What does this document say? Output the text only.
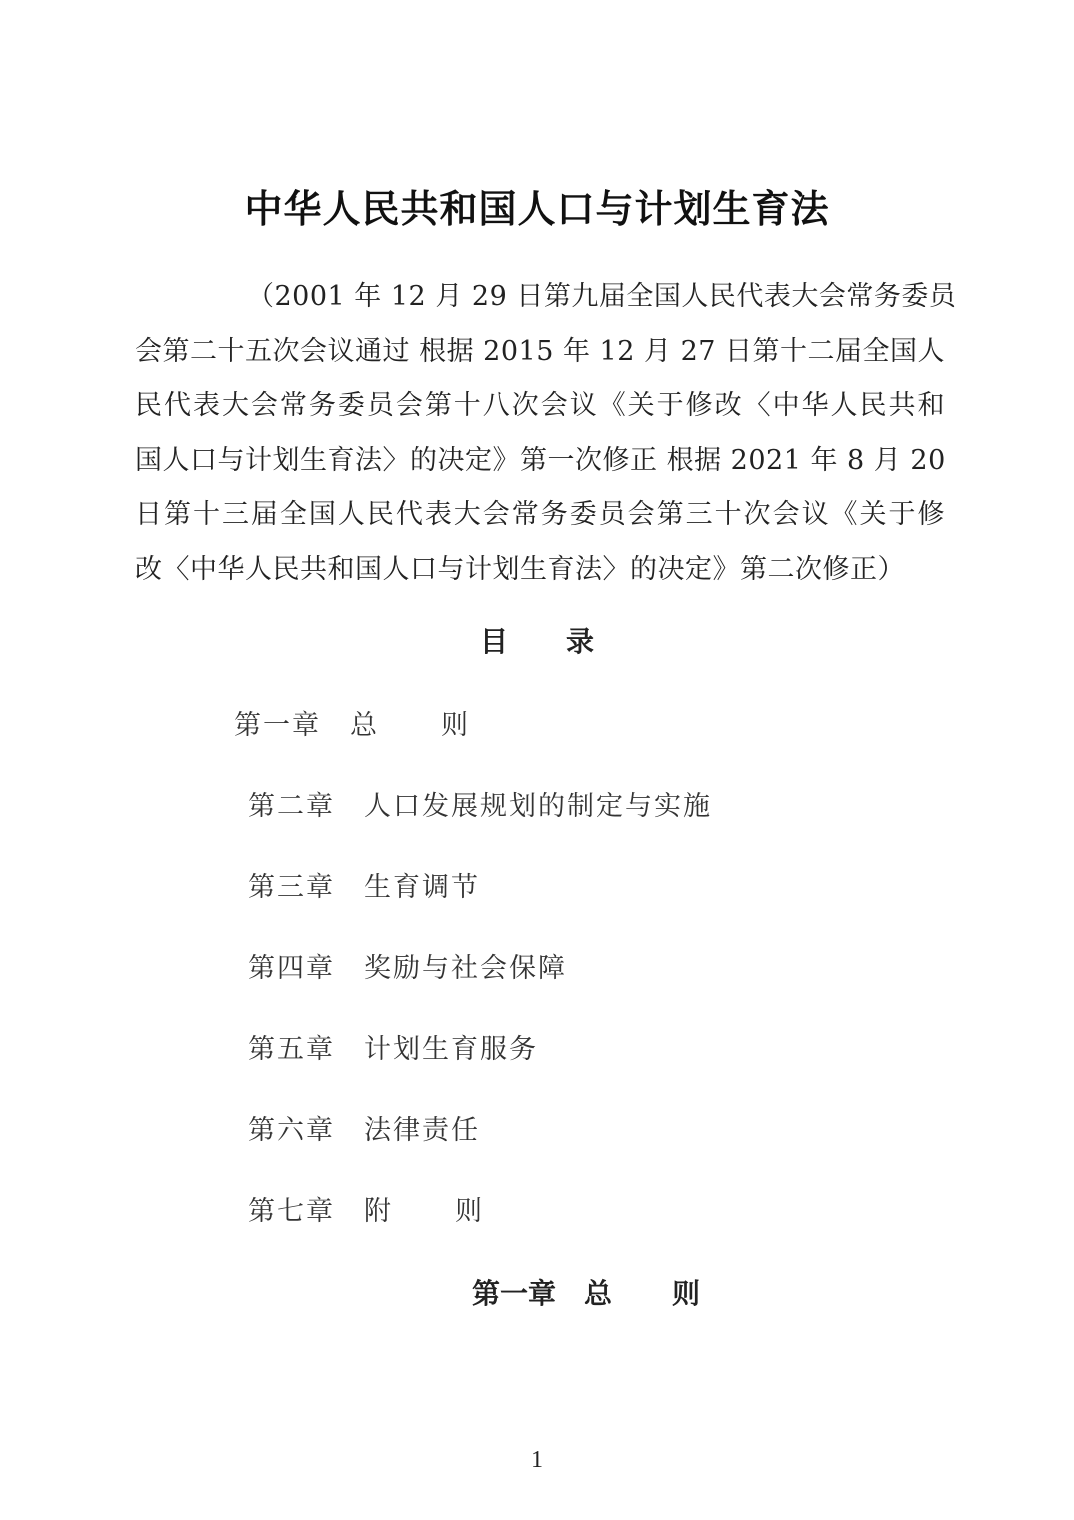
中华人民共和国人口与计划生育法
（2001 年 12 月 29 日第九届全国人民代表大会常务委员
会第二十五次会议通过 根据 2015 年 12 月 27 日第十二届全国人
民代表大会常务委员会第十八次会议《关于修改〈中华人民共和
国人口与计划生育法〉的决定》第一次修正 根据 2021 年 8 月 20
日第十三届全国人民代表大会常务委员会第三十次会议《关于修
改〈中华人民共和国人口与计划生育法〉的决定》第二次修正）
目 录
第一章 总 则
第二章 人口发展规划的制定与实施
第三章 生育调节
第四章 奖励与社会保障
第五章 计划生育服务
第六章 法律责任
第七章 附 则
第一章 总 则
1
